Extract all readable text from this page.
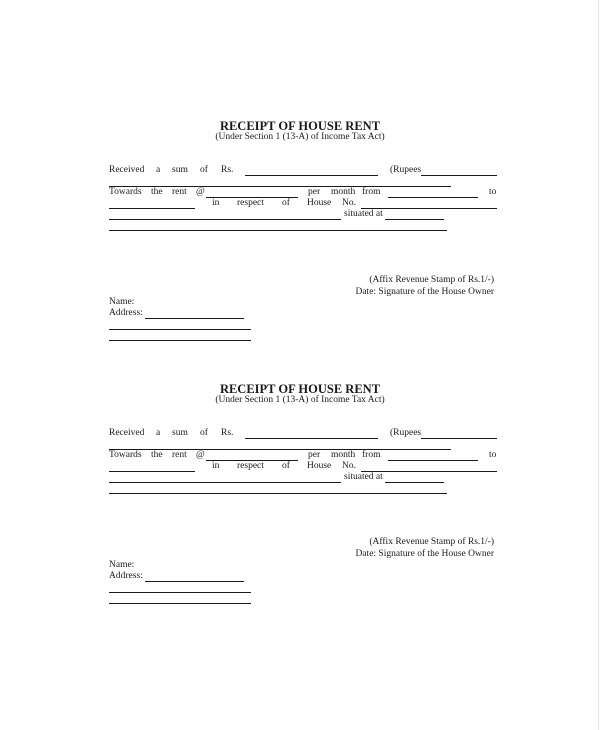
RECEIPT OF HOUSE RENT
(Under Section 1 (13-A) of Income Tax Act)
Received a sum of Rs.	(Rupees
Towards the rent @	per month from	to
in respect of House No.
situated at
(Affix Revenue Stamp of Rs.1/-)
Date: Signature of the House Owner
Name:
Address:
RECEIPT OF HOUSE RENT
(Under Section 1 (13-A) of Income Tax Act)
Received a sum of Rs.	(Rupees
Towards the rent @	per month from	to
in respect of House No.
situated at
(Affix Revenue Stamp of Rs.1/-)
Date: Signature of the House Owner
Name:
Address:
